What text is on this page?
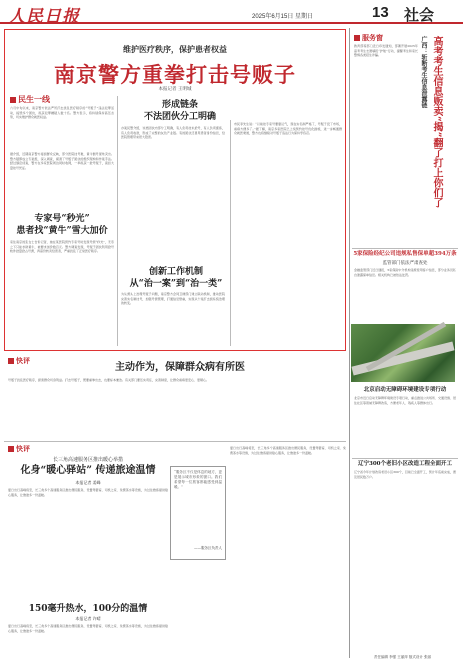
人民日报	2025年6月15日 星期日	13 社会
维护医疗秩序，保护患者权益
南京警方重拳打击号贩子
本报记者 王明城
民生一线
六月中旬以来，南京警方依法严厉打击扰乱医疗秩序的“号贩子”违法犯罪活动，捣毁多个团伙，抓获犯罪嫌疑人数十名。警方表示，将持续保持高压态势，切实维护群众就医权益。
据介绍，近期南京警方接到群众反映，部分医院挂号难，黄牛倒号现象突出。警方随即成立专案组，深入调查，摸清了号贩子团伙的组织架构和作案手法。经过缜密侦查，警方在多家医院周边同时收网，一举抓获一批号贩子，查扣大量挂号凭证。
专家号“秒光”
患者找“黄牛”雪大加价
家住南京的张女士告诉记者，她在某医院预约专家号时发现号源“秒光”，无奈之下只能求助黄牛，被要求加价数百元。警方调查发现，号贩子团伙利用抢号软件批量抢占号源，再高价转卖给患者，严重扰乱了正常医疗秩序。
形成链条
不法团伙分工明确
办案民警介绍，该类团伙内部分工明确，有人负责技术抢号，有人负责揽客，有人负责收款，形成了完整的灰色产业链。有的团伙还冒用患者身份信息，给医院管理带来很大隐患。
创新工作机制
从“治一案”到“治一类”
为从源头上治理号贩子问题，南京警方会同卫健部门建立联动机制，推动医院完善实名制挂号，加强号源管理，打通信息壁垒，实现从个案打击到系统治理的转变。
市民李先生说：“以前挂专家号要靠运气，现在实名制严格了，号贩子没了市场，看病方便多了。”据了解，南京多家医院已上线预约挂号优化措施，进一步畅通群众就医渠道，警方也将继续对号贩子违法行为保持零容忍。
快评
主动作为，保障群众病有所医
号贩子扰乱医疗秩序，损害群众切身利益。打击号贩子，既要重拳出击，也要标本兼治。有关部门要压实责任，完善制度，让群众看病更安心、更顺心。
快评
长三角高速服务区推出暖心举措
化身“暖心驿站” 传递旅途温情
本报记者 姜峰
夏日出行高峰将至，长三角多个高速服务区推出便民服务，设置母婴室、司机之家、免费茶水等设施，为过往旅客提供贴心服务，让旅途多一份温暖。
150毫升热水，100分的温情
本报记者 许晴
夏日出行高峰将至，长三角多个高速服务区推出便民服务，设置母婴室、司机之家、免费茶水等设施，为过往旅客提供贴心服务，让旅途多一份温暖。
“服务区不仅是休息的地方，更是展示城市形象的窗口。我们希望每一位旅客都能感受到温暖。”
——服务区负责人
夏日出行高峰将至，长三角多个高速服务区推出便民服务，设置母婴室、司机之家、免费茶水等设施，为过往旅客提供贴心服务，让旅途多一份温暖。
服务窗
教育部等部门近日印发通知，部署开展2025年高考考生志愿填报“护航”行动，提醒考生和家长警惕各类招生诈骗。	广西：斩断考生信息泄露链 高考考生信息贩卖“揭”翻了打上你们了
5家保险经纪公司违规私售保单超394万条
监管部门依法严肃查处
金融监管部门近日通报，5家保险中介机构违规使用客户信息，部分业务员私自泄露保单信息。相关机构已被依法处罚。
北京启动无障碍环境建设专项行动
北京市近日启动无障碍环境建设专项行动，重点推进公共场所、交通设施、居住社区等领域无障碍改造，方便老年人、残疾人等群体出行。
辽宁300个老旧小区改造工程全面开工
辽宁省今年计划改造老旧小区300个，目前已全面开工，预计年底前完成，惠及居民数万户。
责任编辑 李强 王丽萍 版式设计 张丽
